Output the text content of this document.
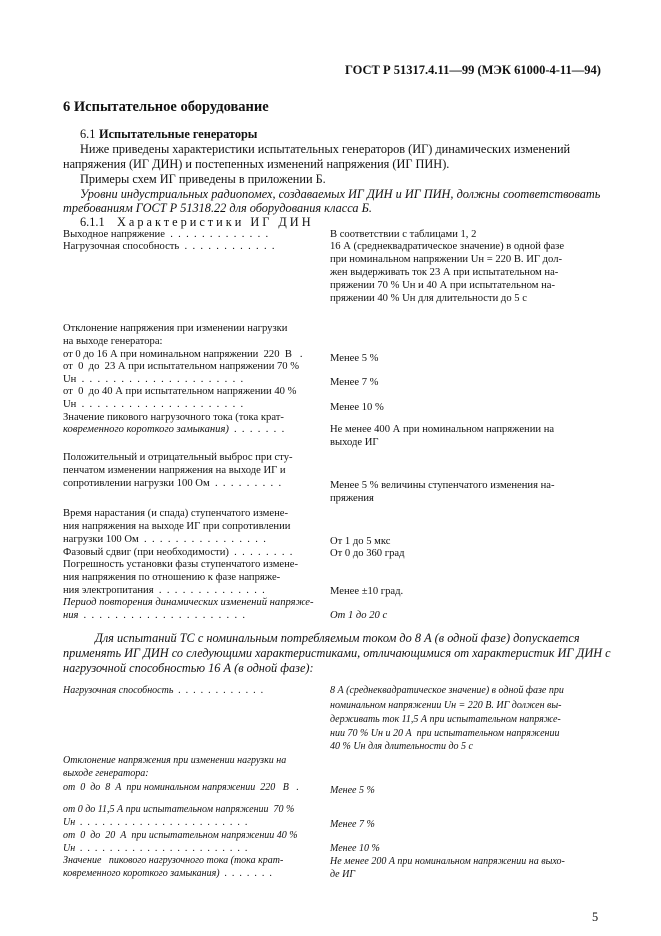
ГОСТ Р 51317.4.11—99 (МЭК 61000-4-11—94)
6 Испытательное оборудование
6.1 Испытательные генераторы
Ниже приведены характеристики испытательных генераторов (ИГ) динамических изменений
напряжения (ИГ ДИН) и постепенных изменений напряжения (ИГ ПИН).
Примеры схем ИГ приведены в приложении Б.
Уровни индустриальных радиопомех, создаваемых ИГ ДИН и ИГ ПИН, должны соответствовать
требованиям ГОСТ Р 51318.22 для оборудования класса Б.
6.1.1 Характеристики ИГ ДИН
Выходное напряжение  .  .  .  .  .  .  .  .  .  .  .  .  .
Нагрузочная способность  .  .  .  .  .  .  .  .  .  .  .  .
Отклонение напряжения при изменении нагрузки
на выходе генератора:
от 0 до 16 А при номинальном напряжении  220  В   .
от  0  до  23 А при испытательном напряжении 70 %
Uн  .  .  .  .  .  .  .  .  .  .  .  .  .  .  .  .  .  .  .  .  .
от  0  до 40 А при испытательном напряжении 40 %
Uн  .  .  .  .  .  .  .  .  .  .  .  .  .  .  .  .  .  .  .  .  .
Значение пикового нагрузочного тока (тока крат-
ковременного короткого замыкания)  .  .  .  .  .  .  .
Положительный и отрицательный выброс при сту-
пенчатом изменении напряжения на выходе ИГ и
сопротивлении нагрузки 100 Ом  .  .  .  .  .  .  .  .  .
Время нарастания (и спада) ступенчатого измене-
ния напряжения на выходе ИГ при сопротивлении
нагрузки 100 Ом  .  .  .  .  .  .  .  .  .  .  .  .  .  .  .  .
Фазовый сдвиг (при необходимости)  .  .  .  .  .  .  .  .
Погрешность установки фазы ступенчатого измене-
ния напряжения по отношению к фазе напряже-
ния электропитания  .  .  .  .  .  .  .  .  .  .  .  .  .  .
Период повторения динамических изменений напряже-
ния  .  .  .  .  .  .  .  .  .  .  .  .  .  .  .  .  .  .  .  .  .
В соответствии с таблицами 1, 2
16 А (среднеквадратическое значение) в одной фазе
при номинальном напряжении Uн = 220 В. ИГ дол-
жен выдерживать ток 23 А при испытательном на-
пряжении 70 % Uн и 40 А при испытательном на-
пряжении 40 % Uн для длительности до 5 с
Менее 5 %
Менее 7 %
Менее 10 %
Не менее 400 А при номинальном напряжении на
выходе ИГ
Менее 5 % величины ступенчатого изменения на-
пряжения
От 1 до 5 мкс
От 0 до 360 град
Менее ±10 град.
От 1 до 20 с
Для испытаний ТС с номинальным потребляемым током до 8 А (в одной фазе) допускается
применять ИГ ДИН со следующими характеристиками, отличающимися от характеристик ИГ ДИН с
нагрузочной способностью 16 А (в одной фазе):
Нагрузочная способность  .  .  .  .  .  .  .  .  .  .  .  .
Отклонение напряжения при изменении нагрузки на
выходе генератора:
от  0  до  8  А  при номинальном напряжении  220   В   .
от 0 до 11,5 А при испытательном напряжении  70 %
Uн  .  .  .  .  .  .  .  .  .  .  .  .  .  .  .  .  .  .  .  .  .  .  .
от  0  до  20  А  при испытательном напряжении 40 %
Uн  .  .  .  .  .  .  .  .  .  .  .  .  .  .  .  .  .  .  .  .  .  .  .
Значение   пикового нагрузочного тока (тока крат-
ковременного короткого замыкания)  .  .  .  .  .  .  .
8 А (среднеквадратическое значение) в одной фазе при
номинальном напряжении Uн = 220 В. ИГ должен вы-
держивать ток 11,5 А при испытательном напряже-
нии 70 % Uн и 20 А  при испытательном напряжении
40 % Uн для длительности до 5 с
Менее 5 %
Менее 7 %
Менее 10 %
Не менее 200 А при номинальном напряжении на выхо-
де ИГ
5
